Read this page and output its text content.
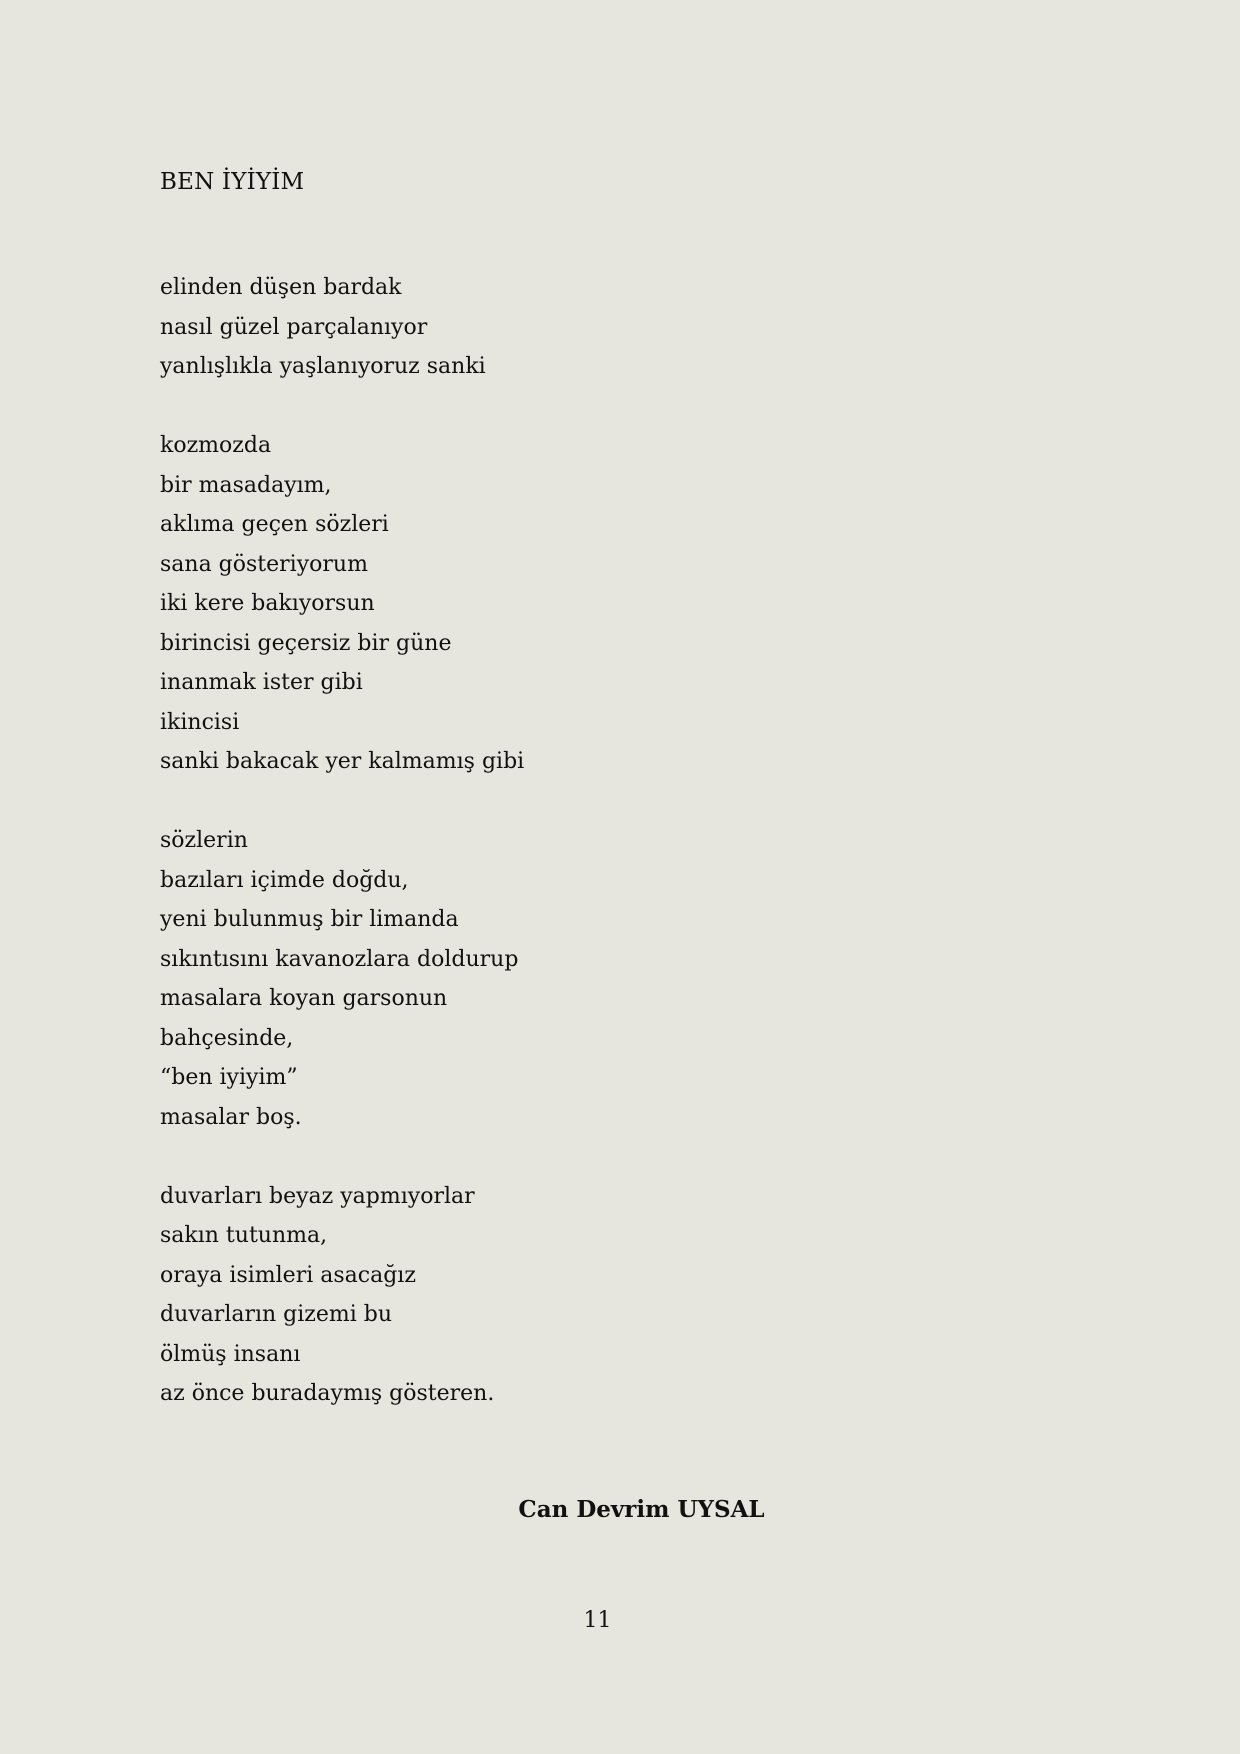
BEN İYİYİM
elinden düşen bardak
nasıl güzel parçalanıyor
yanlışlıkla yaşlanıyoruz sanki
kozmozda
bir masadayım,
aklıma geçen sözleri
sana gösteriyorum
iki kere bakıyorsun
birincisi geçersiz bir güne
inanmak ister gibi
ikincisi
sanki bakacak yer kalmamış gibi
sözlerin
bazıları içimde doğdu,
yeni bulunmuş bir limanda
sıkıntısını kavanozlara doldurup
masalara koyan garsonun
bahçesinde,
“ben iyiyim”
masalar boş.
duvarları beyaz yapmıyorlar
sakın tutunma,
oraya isimleri asacağız
duvarların gizemi bu
ölmüş insanı
az önce buradaymış gösteren.
Can Devrim UYSAL
11
